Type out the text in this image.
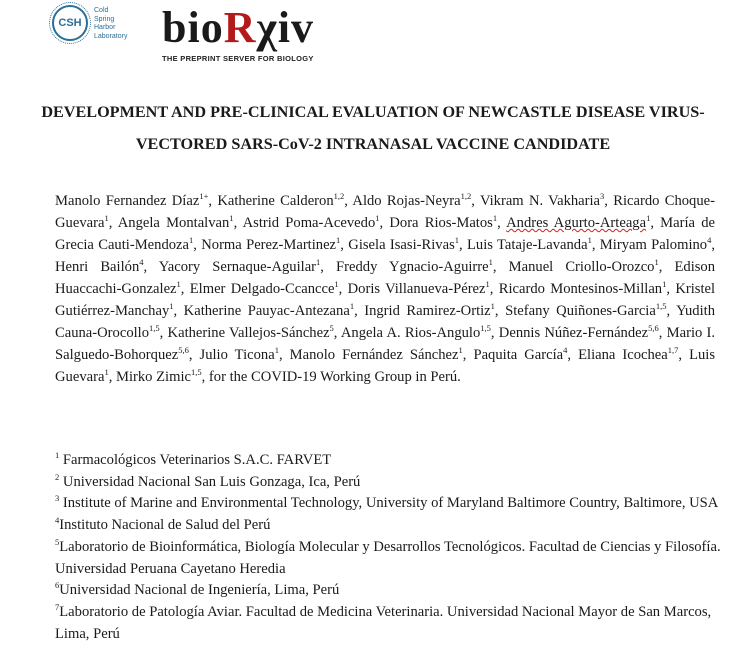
CSH
Cold
Spring
Harbor
Laboratory bioRχiv
THE PREPRINT SERVER FOR BIOLOGY
DEVELOPMENT AND PRE-CLINICAL EVALUATION OF NEWCASTLE DISEASE VIRUS-VECTORED SARS-CoV-2 INTRANASAL VACCINE CANDIDATE
Manolo Fernandez Díaz$^{1+}$, Katherine Calderon$^{1,2}$, Aldo Rojas-Neyra$^{1,2}$, Vikram N. Vakharia$^3$, Ricardo Choque-Guevara$^1$, Angela Montalvan$^1$, Astrid Poma-Acevedo$^1$, Dora Rios-Matos$^1$, Andres Agurto-Arteaga$^1$, María de Grecia Cauti-Mendoza$^1$, Norma Perez-Martinez$^1$, Gisela Isasi-Rivas$^1$, Luis Tataje-Lavanda$^1$, Miryam Palomino$^4$, Henri Bailón$^4$, Yacory Sernaque-Aguilar$^1$, Freddy Ygnacio-Aguirre$^1$, Manuel Criollo-Orozco$^1$, Edison Huaccachi-Gonzalez$^1$, Elmer Delgado-Ccancce$^1$, Doris Villanueva-Pérez$^1$, Ricardo Montesinos-Millan$^1$, Kristel Gutiérrez-Manchay$^1$, Katherine Pauyac-Antezana$^1$, Ingrid Ramirez-Ortiz$^1$, Stefany Quiñones-Garcia$^{1,5}$, Yudith Cauna-Orocollo$^{1,5}$, Katherine Vallejos-Sánchez$^5$, Angela A. Rios-Angulo$^{1,5}$, Dennis Núñez-Fernández$^{5,6}$, Mario I. Salguedo-Bohorquez$^{5,6}$, Julio Ticona$^1$, Manolo Fernández Sánchez$^1$, Paquita García$^4$, Eliana Icochea$^{1,7}$, Luis Guevara$^1$, Mirko Zimic$^{1,5}$, for the COVID-19 Working Group in Perú.

$^1$ Farmacológicos Veterinarios S.A.C. FARVET

$^2$ Universidad Nacional San Luis Gonzaga, Ica, Perú

$^3$ Institute of Marine and Environmental Technology, University of Maryland Baltimore Country, Baltimore, USA

$^4$Instituto Nacional de Salud del Perú

$^5$Laboratorio de Bioinformática, Biología Molecular y Desarrollos Tecnológicos. Facultad de Ciencias y Filosofía. Universidad Peruana Cayetano Heredia

$^6$Universidad Nacional de Ingeniería, Lima, Perú

$^7$Laboratorio de Patología Aviar. Facultad de Medicina Veterinaria. Universidad Nacional Mayor de San Marcos, Lima, Perú
